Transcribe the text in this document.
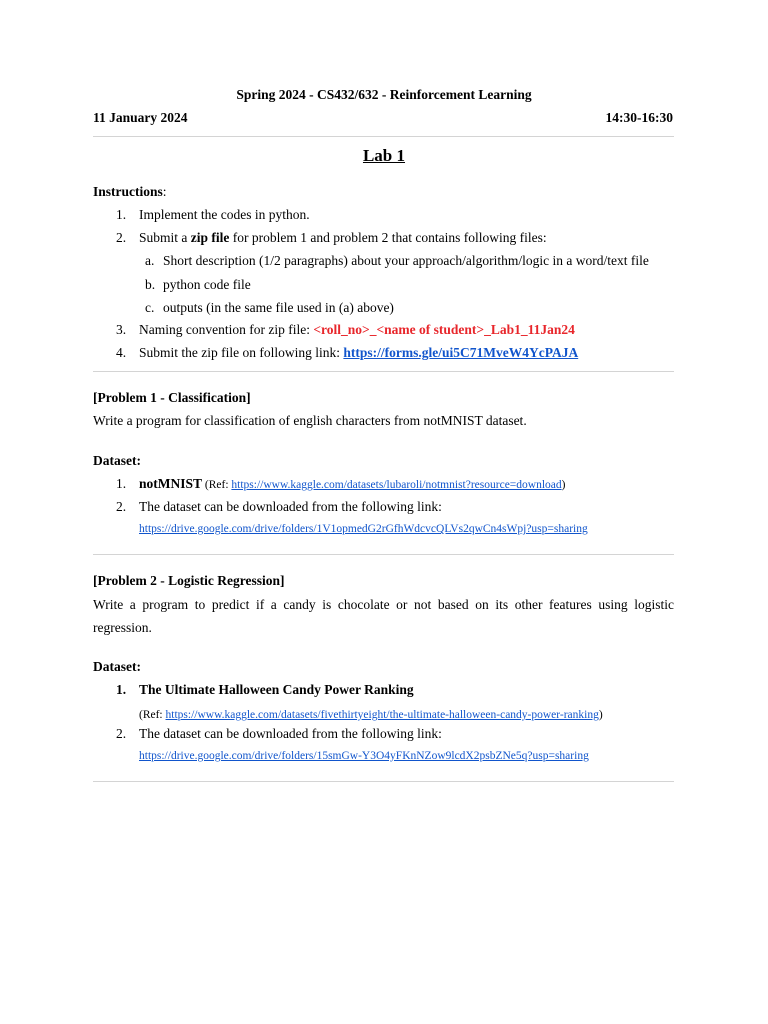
Spring 2024 - CS432/632 - Reinforcement Learning
11 January 2024	14:30-16:30
Lab 1
Instructions:
1. Implement the codes in python.
2. Submit a zip file for problem 1 and problem 2 that contains following files:
a. Short description (1/2 paragraphs) about your approach/algorithm/logic in a word/text file
b. python code file
c. outputs (in the same file used in (a) above)
3. Naming convention for zip file: <roll_no>_<name of student>_Lab1_11Jan24
4. Submit the zip file on following link: https://forms.gle/ui5C71MveW4YcPAJA
[Problem 1 - Classification]
Write a program for classification of english characters from notMNIST dataset.
Dataset:
1. notMNIST (Ref: https://www.kaggle.com/datasets/lubaroli/notmnist?resource=download)
2. The dataset can be downloaded from the following link:
https://drive.google.com/drive/folders/1V1opmedG2rGfhWdcvcQLVs2qwCn4sWpj?usp=sharing
[Problem 2 - Logistic Regression]
Write a program to predict if a candy is chocolate or not based on its other features using logistic regression.
Dataset:
1. The Ultimate Halloween Candy Power Ranking
(Ref: https://www.kaggle.com/datasets/fivethirtyeight/the-ultimate-halloween-candy-power-ranking)
2. The dataset can be downloaded from the following link:
https://drive.google.com/drive/folders/15smGw-Y3O4yFKnNZow9lcdX2psbZNe5q?usp=sharing
